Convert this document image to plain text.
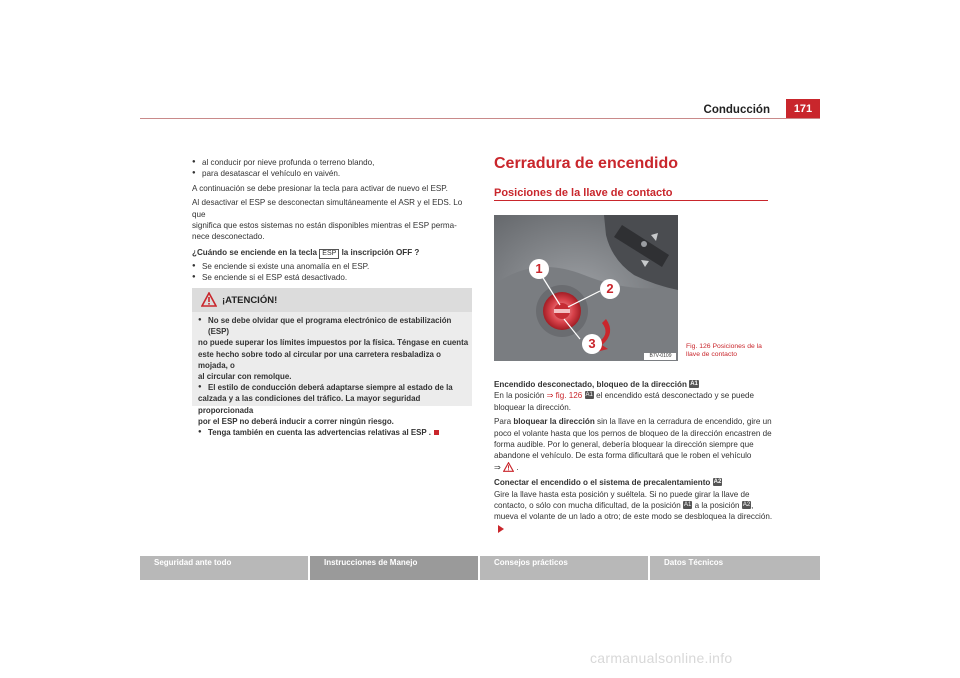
Conducción	171
● al conducir por nieve profunda o terreno blando,
● para desatascar el vehículo en vaivén.
A continuación se debe presionar la tecla para activar de nuevo el ESP.
Al desactivar el ESP se desconectan simultáneamente el ASR y el EDS. Lo que
significa que estos sistemas no están disponibles mientras el ESP perma-
nece desconectado.
¿Cuándo se enciende en la tecla ESP la inscripción OFF ?
● Se enciende si existe una anomalía en el ESP.
● Se enciende si el ESP está desactivado.
¡ATENCIÓN!
● No se debe olvidar que el programa electrónico de estabilización (ESP)
no puede superar los límites impuestos por la física. Téngase en cuenta
este hecho sobre todo al circular por una carretera resbaladiza o mojada, o
al circular con remolque.
● El estilo de conducción deberá adaptarse siempre al estado de la
calzada y a las condiciones del tráfico. La mayor seguridad proporcionada
por el ESP no deberá inducir a correr ningún riesgo.
● Tenga también en cuenta las advertencias relativas al ESP .
Cerradura de encendido
Posiciones de la llave de contacto
1
2
3
B7V-0109
Fig. 126 Posiciones de la
llave de contacto
Encendido desconectado, bloqueo de la dirección A1
En la posición ⇒ fig. 126 A1 el encendido está desconectado y se puede
bloquear la dirección.
Para bloquear la dirección sin la llave en la cerradura de encendido, gire un
poco el volante hasta que los pernos de bloqueo de la dirección encastren de
forma audible. Por lo general, debería bloquear la dirección siempre que
abandone el vehículo. De esta forma dificultará que le roben el vehículo
⇒  .
Conectar el encendido o el sistema de precalentamiento A2
Gire la llave hasta esta posición y suéltela. Si no puede girar la llave de
contacto, o sólo con mucha dificultad, de la posición A1 a la posición A2,
mueva el volante de un lado a otro; de este modo se desbloquea la dirección.
Seguridad ante todo	Instrucciones de Manejo	Consejos prácticos	Datos Técnicos
carmanualsonline.info
